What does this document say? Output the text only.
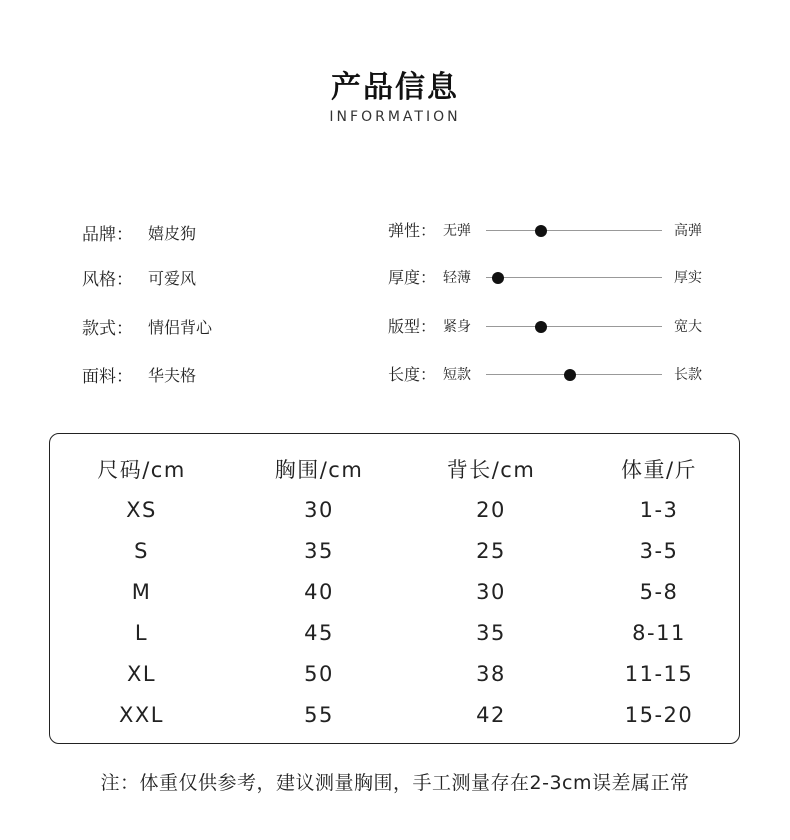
产品信息
INFORMATION
品牌： 嬉皮狗
风格： 可爱风
款式： 情侣背心
面料： 华夫格
弹性： 无弹	高弹
厚度： 轻薄	厚实
版型： 紧身	宽大
长度： 短款	长款
尺码/cm	胸围/cm	背长/cm	体重/斤
XS	30	20	1-3
S	35	25	3-5
M	40	30	5-8
L	45	35	8-11
XL	50	38	11-15
XXL	55	42	15-20
注：体重仅供参考，建议测量胸围，手工测量存在2-3cm误差属正常
